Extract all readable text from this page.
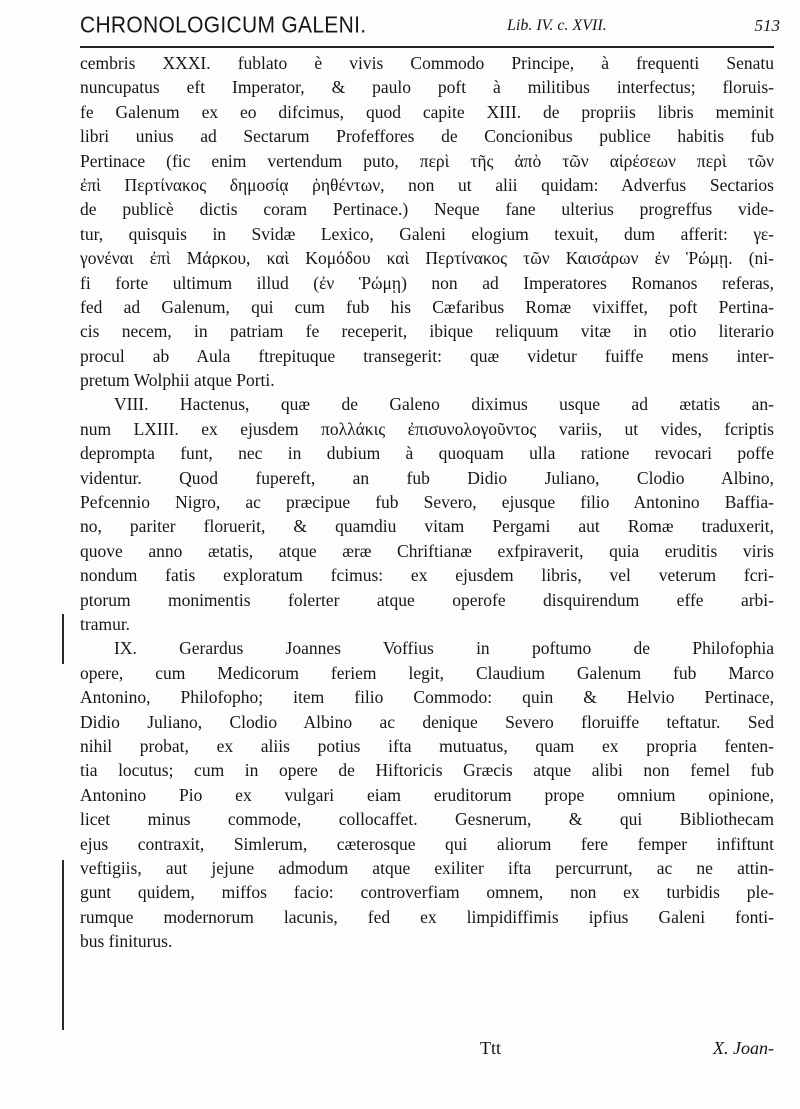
CHRONOLOGICUM GALENI.	Lib. IV. c. XVII.	513
cembris XXXI. fublato è vivis Commodo Principe, à frequenti Senatu
nuncupatus eft Imperator, & paulo poft à militibus interfectus; floruis-
fe Galenum ex eo difcimus, quod capite XIII. de propriis libris meminit
libri unius ad Sectarum Profeffores de Concionibus publice habitis fub
Pertinace (fic enim vertendum puto, περὶ τῆς ἀπὸ τῶν αἱρέσεων περὶ τῶν
ἐπὶ Περτίνακος δημοσίᾳ ῥηθέντων, non ut alii quidam: Adverfus Sectarios
de publicè dictis coram Pertinace.) Neque fane ulterius progreffus vide-
tur, quisquis in Svidæ Lexico, Galeni elogium texuit, dum afferit: γε-
γονέναι ἐπὶ Μάρκου, καὶ Κομόδου καὶ Περτίνακος τῶν Καισάρων ἐν Ῥώμῃ. (ni-
fi forte ultimum illud (ἐν Ῥώμῃ) non ad Imperatores Romanos referas,
fed ad Galenum, qui cum fub his Cæfaribus Romæ vixiffet, poft Pertina-
cis necem, in patriam fe receperit, ibique reliquum vitæ in otio literario
procul ab Aula ftrepituque transegerit: quæ videtur fuiffe mens inter-
pretum Wolphii atque Porti.
VIII. Hactenus, quæ de Galeno diximus usque ad ætatis an-
num LXIII. ex ejusdem πολλάκις ἐπισυνολογοῦντος variis, ut vides, fcriptis
deprompta funt, nec in dubium à quoquam ulla ratione revocari poffe
videntur. Quod fupereft, an fub Didio Juliano, Clodio Albino,
Pefcennio Nigro, ac præcipue fub Severo, ejusque filio Antonino Baffia-
no, pariter floruerit, & quamdiu vitam Pergami aut Romæ traduxerit,
quove anno ætatis, atque æræ Chriftianæ exfpiraverit, quia eruditis viris
nondum fatis exploratum fcimus: ex ejusdem libris, vel veterum fcri-
ptorum monimentis folerter atque operofe disquirendum effe arbi-
tramur.
IX. Gerardus Joannes Voffius in poftumo de Philofophia
opere, cum Medicorum feriem legit, Claudium Galenum fub Marco
Antonino, Philofopho; item filio Commodo: quin & Helvio Pertinace,
Didio Juliano, Clodio Albino ac denique Severo floruiffe teftatur. Sed
nihil probat, ex aliis potius ifta mutuatus, quam ex propria fenten-
tia locutus; cum in opere de Hiftoricis Græcis atque alibi non femel fub
Antonino Pio ex vulgari eiam eruditorum prope omnium opinione,
licet minus commode, collocaffet. Gesnerum, & qui Bibliothecam
ejus contraxit, Simlerum, cæterosque qui aliorum fere femper infiftunt
veftigiis, aut jejune admodum atque exiliter ifta percurrunt, ac ne attin-
gunt quidem, miffos facio: controverfiam omnem, non ex turbidis ple-
rumque modernorum lacunis, fed ex limpidiffimis ipfius Galeni fonti-
bus finiturus.
Ttt	X. Joan-
